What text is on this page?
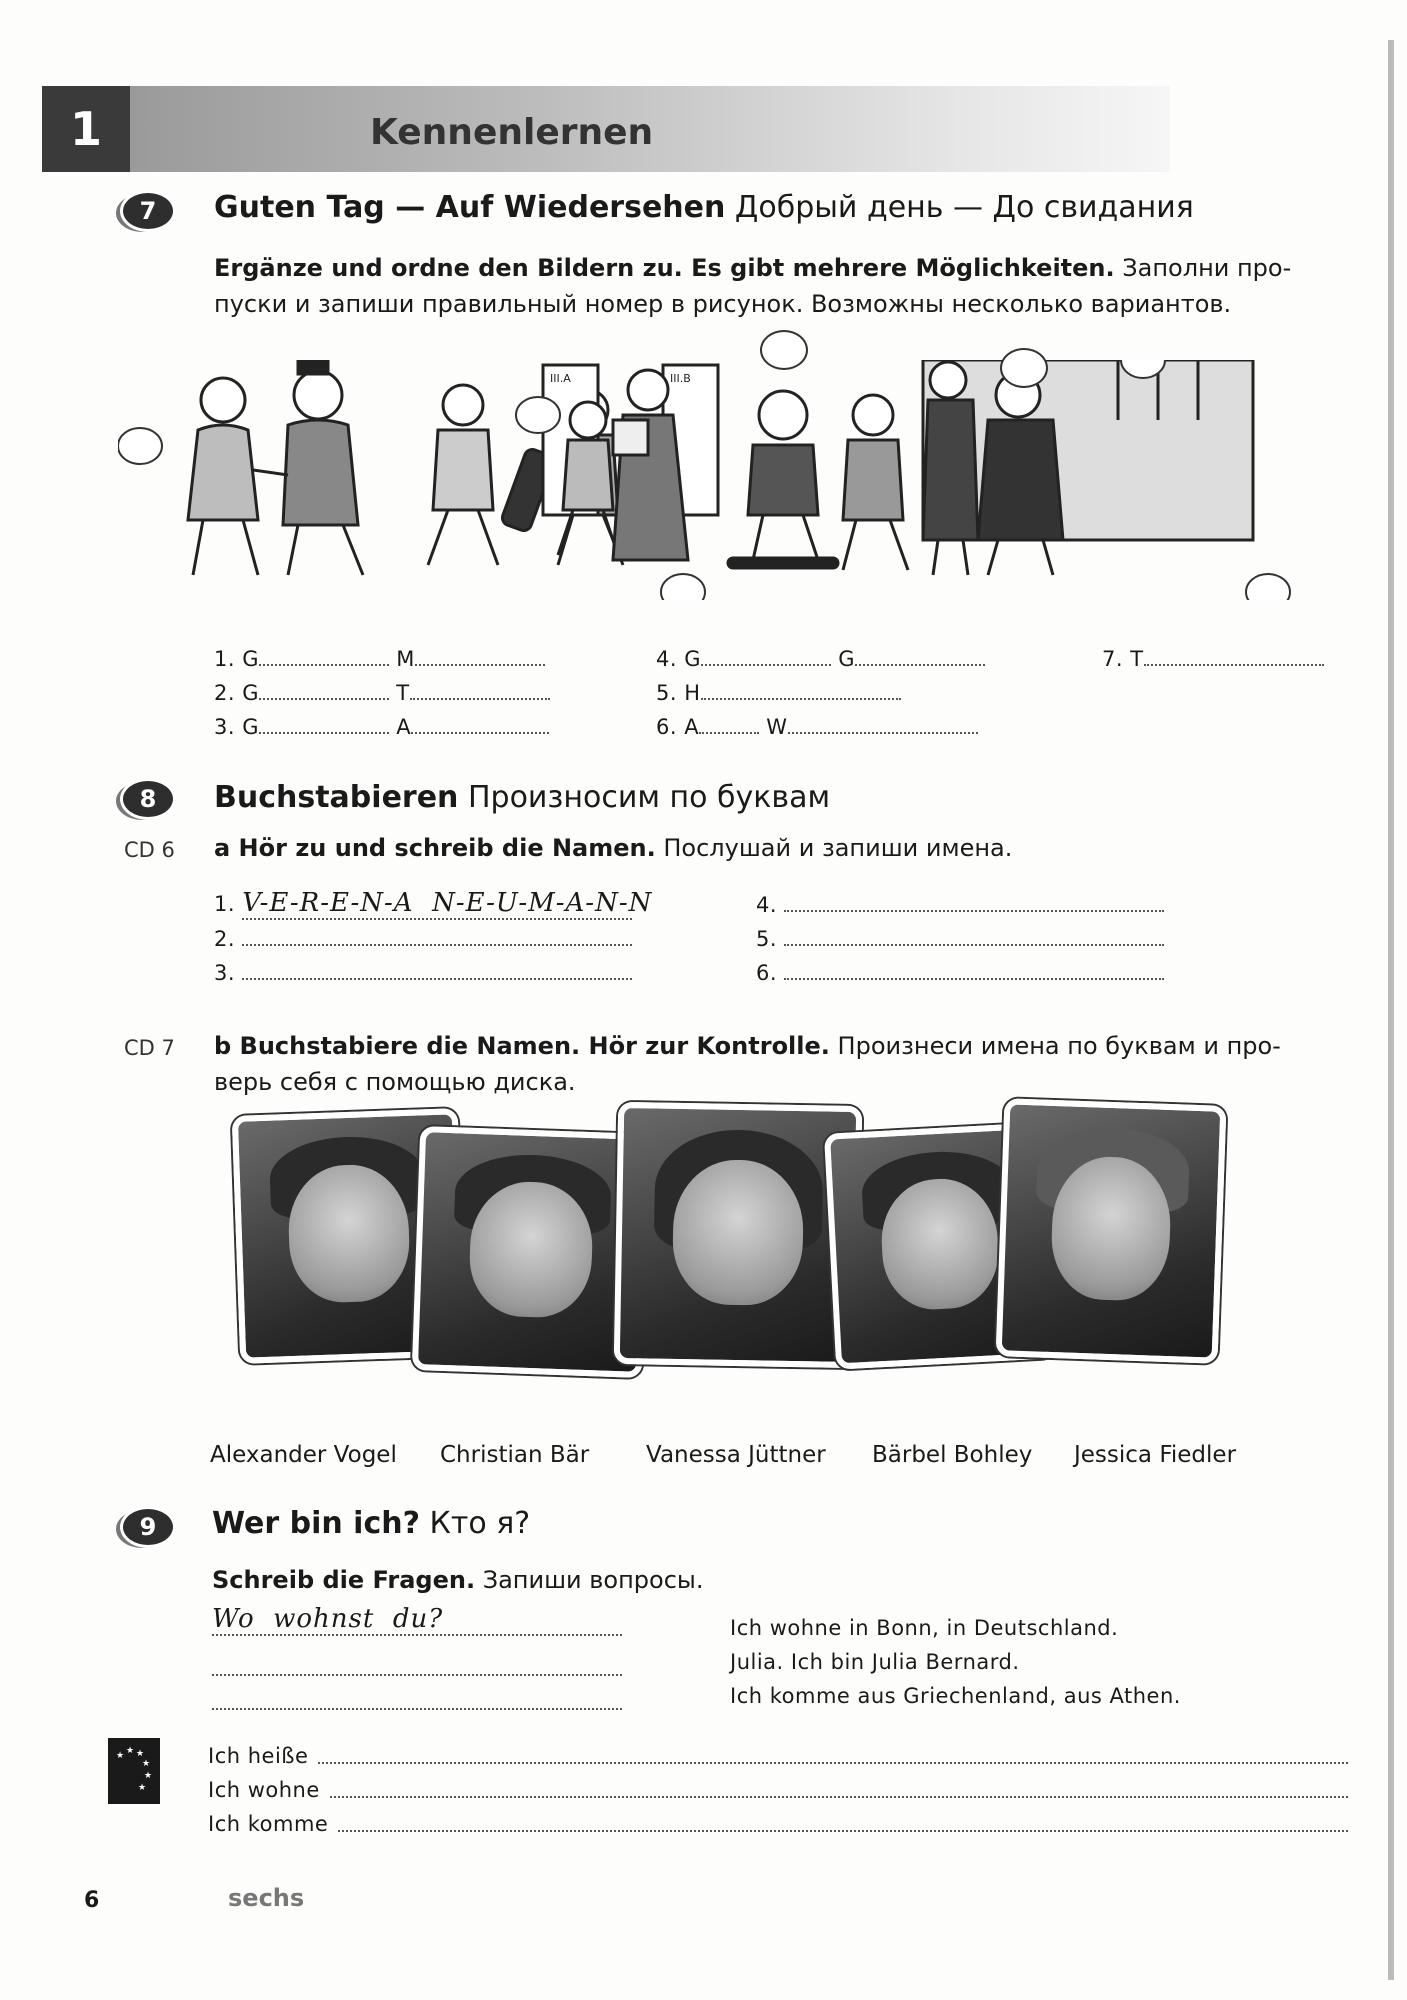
1	Kennenlernen
7	Guten Tag — Auf Wiedersehen Добрый день — До свидания
Ergänze und ordne den Bildern zu. Es gibt mehrere Möglichkeiten. Заполни про-
пуски и запиши правильный номер в рисунок. Возможны несколько вариантов.
III.A	III.B
1. G	M
2. G	T
3. G	A
4. G	G
5. H
6. A	W
7. T
8	Buchstabieren Произносим по буквам
CD 6 a Hör zu und schreib die Namen. Послушай и запиши имена.
1. V-E-R-E-N-A  N-E-U-M-A-N-N
2.
3.
4.
5.
6.
CD 7 b Buchstabiere die Namen. Hör zur Kontrolle. Произнеси имена по буквам и про-
верь себя с помощью диска.
Alexander Vogel Christian Bär Vanessa Jüttner Bärbel Bohley Jessica Fiedler
9	Wer bin ich? Кто я?
Schreib die Fragen. Запиши вопросы.
Wo  wohnst  du?	Ich wohne in Bonn, in Deutschland.
Julia. Ich bin Julia Bernard.
Ich komme aus Griechenland, aus Athen.
★ ★ ★
★
★
★
Ich heiße
Ich wohne
Ich komme
6	sechs
